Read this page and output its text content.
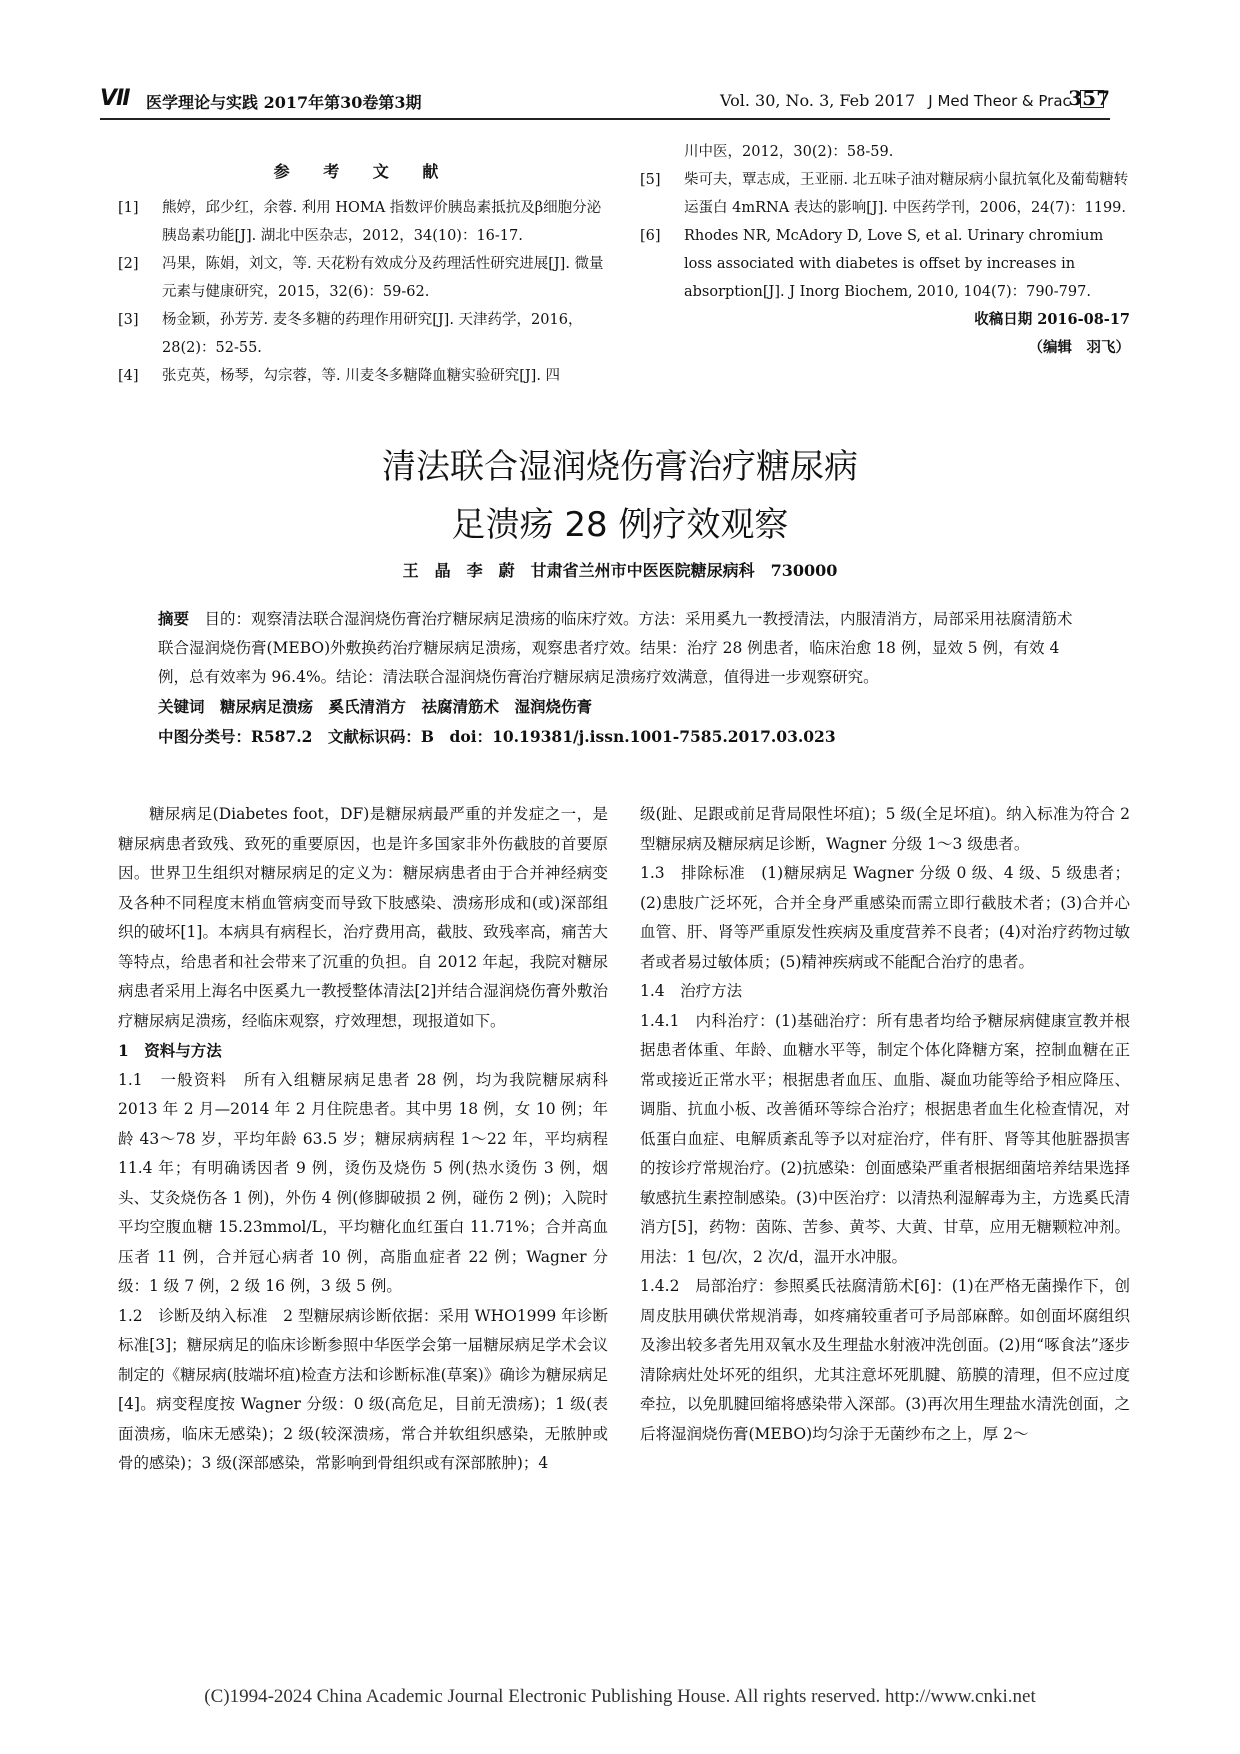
Ⅶ 医学理论与实践 2017年第30卷第3期	Vol. 30, No. 3, Feb 2017 J Med Theor & Prac
357
参 考 文 献
[1] 熊婷，邱少红，余蓉. 利用 HOMA 指数评价胰岛素抵抗及β细胞分泌胰岛素功能[J]. 湖北中医杂志，2012，34(10)：16-17.
[2] 冯果，陈娟，刘文，等. 天花粉有效成分及药理活性研究进展[J]. 微量元素与健康研究，2015，32(6)：59-62.
[3] 杨金颖，孙芳芳. 麦冬多糖的药理作用研究[J]. 天津药学，2016，28(2)：52-55.
[4] 张克英，杨琴，勾宗蓉，等. 川麦冬多糖降血糖实验研究[J]. 四
川中医，2012，30(2)：58-59.
[5] 柴可夫，覃志成，王亚丽. 北五味子油对糖尿病小鼠抗氧化及葡萄糖转运蛋白 4mRNA 表达的影响[J]. 中医药学刊，2006，24(7)：1199.
[6] Rhodes NR, McAdory D, Love S, et al. Urinary chromium loss associated with diabetes is offset by increases in absorption[J]. J Inorg Biochem, 2010, 104(7)：790-797.
收稿日期 2016-08-17
（编辑　羽飞）
清法联合湿润烧伤膏治疗糖尿病
足溃疡 28 例疗效观察
王　晶　李　蔚　甘肃省兰州市中医医院糖尿病科　730000

摘要　 目的：观察清法联合湿润烧伤膏治疗糖尿病足溃疡的临床疗效。方法：采用奚九一教授清法，内服清消方，局部采用祛腐清筋术联合湿润烧伤膏(MEBO)外敷换药治疗糖尿病足溃疡，观察患者疗效。结果：治疗 28 例患者，临床治愈 18 例，显效 5 例，有效 4 例，总有效率为 96.4%。结论：清法联合湿润烧伤膏治疗糖尿病足溃疡疗效满意，值得进一步观察研究。

关键词　 糖尿病足溃疡　奚氏清消方　祛腐清筋术　湿润烧伤膏

中图分类号：R587.2　文献标识码：B　doi：10.19381/j.issn.1001-7585.2017.03.023

糖尿病足(Diabetes foot，DF)是糖尿病最严重的并发症之一，是糖尿病患者致残、致死的重要原因，也是许多国家非外伤截肢的首要原因。世界卫生组织对糖尿病足的定义为：糖尿病患者由于合并神经病变及各种不同程度末梢血管病变而导致下肢感染、溃疡形成和(或)深部组织的破坏[1]。本病具有病程长，治疗费用高，截肢、致残率高，痛苦大等特点，给患者和社会带来了沉重的负担。自 2012 年起，我院对糖尿病患者采用上海名中医奚九一教授整体清法[2]并结合湿润烧伤膏外敷治疗糖尿病足溃疡，经临床观察，疗效理想，现报道如下。

1　资料与方法

1.1　一般资料　所有入组糖尿病足患者 28 例，均为我院糖尿病科 2013 年 2 月—2014 年 2 月住院患者。其中男 18 例，女 10 例；年龄 43～78 岁，平均年龄 63.5 岁；糖尿病病程 1～22 年，平均病程 11.4 年；有明确诱因者 9 例，烫伤及烧伤 5 例(热水烫伤 3 例，烟头、艾灸烧伤各 1 例)，外伤 4 例(修脚破损 2 例，碰伤 2 例)；入院时平均空腹血糖 15.23mmol/L，平均糖化血红蛋白 11.71%；合并高血压者 11 例，合并冠心病者 10 例，高脂血症者 22 例；Wagner 分级：1 级 7 例，2 级 16 例，3 级 5 例。

1.2　诊断及纳入标准　2 型糖尿病诊断依据：采用 WHO1999 年诊断标准[3]；糖尿病足的临床诊断参照中华医学会第一届糖尿病足学术会议制定的《糖尿病(肢端坏疽)检查方法和诊断标准(草案)》确诊为糖尿病足[4]。病变程度按 Wagner 分级：0 级(高危足，目前无溃疡)；1 级(表面溃疡，临床无感染)；2 级(较深溃疡，常合并软组织感染，无脓肿或骨的感染)；3 级(深部感染，常影响到骨组织或有深部脓肿)；4

级(趾、足跟或前足背局限性坏疽)；5 级(全足坏疽)。纳入标准为符合 2 型糖尿病及糖尿病足诊断，Wagner 分级 1～3 级患者。

1.3　排除标准　(1)糖尿病足 Wagner 分级 0 级、4 级、5 级患者；(2)患肢广泛坏死，合并全身严重感染而需立即行截肢术者；(3)合并心血管、肝、肾等严重原发性疾病及重度营养不良者；(4)对治疗药物过敏者或者易过敏体质；(5)精神疾病或不能配合治疗的患者。

1.4　治疗方法

1.4.1　内科治疗：(1)基础治疗：所有患者均给予糖尿病健康宣教并根据患者体重、年龄、血糖水平等，制定个体化降糖方案，控制血糖在正常或接近正常水平；根据患者血压、血脂、凝血功能等给予相应降压、调脂、抗血小板、改善循环等综合治疗；根据患者血生化检查情况，对低蛋白血症、电解质紊乱等予以对症治疗，伴有肝、肾等其他脏器损害的按诊疗常规治疗。(2)抗感染：创面感染严重者根据细菌培养结果选择敏感抗生素控制感染。(3)中医治疗：以清热利湿解毒为主，方选奚氏清消方[5]，药物：茵陈、苦参、黄芩、大黄、甘草，应用无糖颗粒冲剂。用法：1 包/次，2 次/d，温开水冲服。

1.4.2　局部治疗：参照奚氏祛腐清筋术[6]：(1)在严格无菌操作下，创周皮肤用碘伏常规消毒，如疼痛较重者可予局部麻醉。如创面坏腐组织及渗出较多者先用双氧水及生理盐水射液冲洗创面。(2)用“啄食法”逐步清除病灶处坏死的组织，尤其注意坏死肌腱、筋膜的清理，但不应过度牵拉，以免肌腱回缩将感染带入深部。(3)再次用生理盐水清洗创面，之后将湿润烧伤膏(MEBO)均匀涂于无菌纱布之上，厚 2～

(C)1994-2024 China Academic Journal Electronic Publishing House. All rights reserved. http://www.cnki.net
